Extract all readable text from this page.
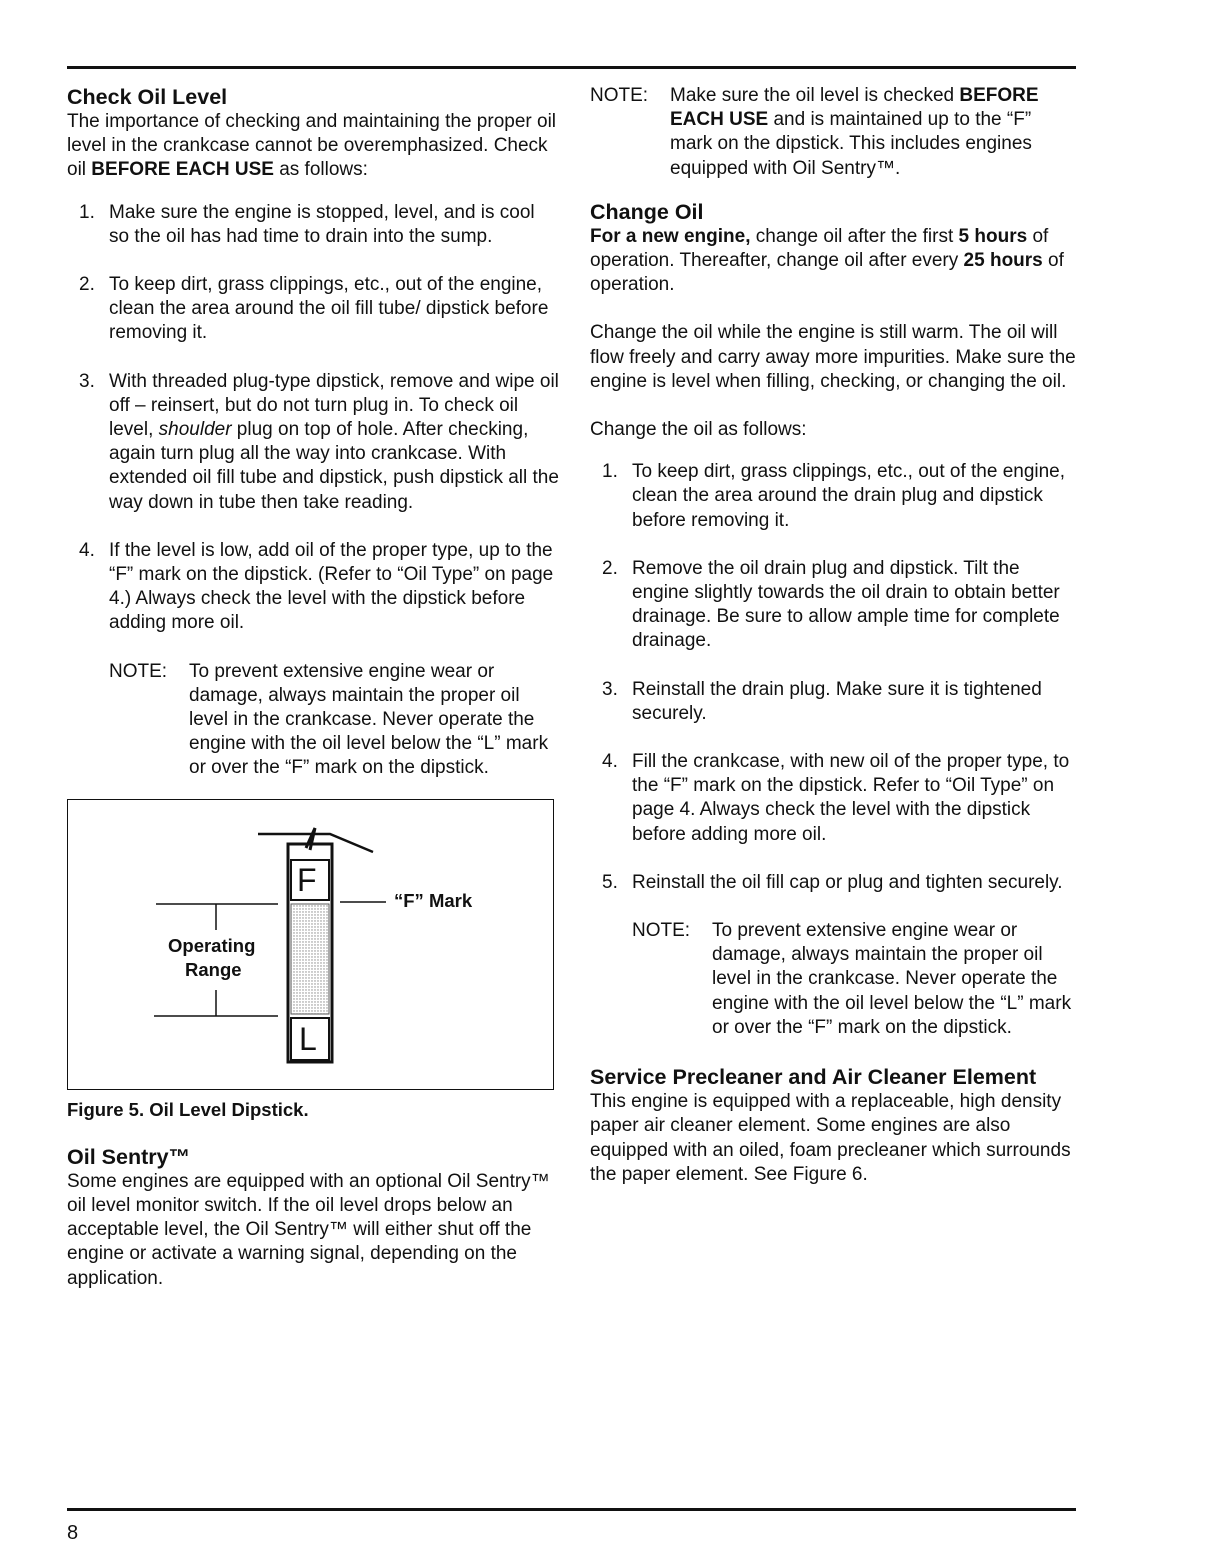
Check Oil Level

The importance of checking and maintaining the proper oil level in the crankcase cannot be overemphasized. Check oil BEFORE EACH USE as follows:

1. Make sure the engine is stopped, level, and is cool so the oil has had time to drain into the sump.
2. To keep dirt, grass clippings, etc., out of the engine, clean the area around the oil fill tube/ dipstick before removing it.
3. With threaded plug-type dipstick, remove and wipe oil off – reinsert, but do not turn plug in. To check oil level, shoulder plug on top of hole. After checking, again turn plug all the way into crankcase. With extended oil fill tube and dipstick, push dipstick all the way down in tube then take reading.
4. If the level is low, add oil of the proper type, up to the “F” mark on the dipstick. (Refer to “Oil Type” on page 4.) Always check the level with the dipstick before adding more oil.
NOTE:	To prevent extensive engine wear or damage, always maintain the proper oil level in the crankcase. Never operate the engine with the oil level below the “L” mark or over the “F” mark on the dipstick.
F
L
“F” Mark
Operating
Range

Figure 5. Oil Level Dipstick.

Oil Sentry™

Some engines are equipped with an optional Oil Sentry™ oil level monitor switch. If the oil level drops below an acceptable level, the Oil Sentry™ will either shut off the engine or activate a warning signal, depending on the application.

NOTE:	Make sure the oil level is checked BEFORE EACH USE and is maintained up to the “F” mark on the dipstick. This includes engines equipped with Oil Sentry™.
Change Oil

For a new engine, change oil after the first 5 hours of operation. Thereafter, change oil after every 25 hours of operation.

Change the oil while the engine is still warm. The oil will flow freely and carry away more impurities. Make sure the engine is level when filling, checking, or changing the oil.

Change the oil as follows:

1. To keep dirt, grass clippings, etc., out of the engine, clean the area around the drain plug and dipstick before removing it.
2. Remove the oil drain plug and dipstick. Tilt the engine slightly towards the oil drain to obtain better drainage. Be sure to allow ample time for complete drainage.
3. Reinstall the drain plug. Make sure it is tightened securely.
4. Fill the crankcase, with new oil of the proper type, to the “F” mark on the dipstick. Refer to “Oil Type” on page 4. Always check the level with the dipstick before adding more oil.
5. Reinstall the oil fill cap or plug and tighten securely.
NOTE:	To prevent extensive engine wear or damage, always maintain the proper oil level in the crankcase. Never operate the engine with the oil level below the “L” mark or over the “F” mark on the dipstick.
Service Precleaner and Air Cleaner Element

This engine is equipped with a replaceable, high density paper air cleaner element. Some engines are also equipped with an oiled, foam precleaner which surrounds the paper element. See Figure 6.

8
